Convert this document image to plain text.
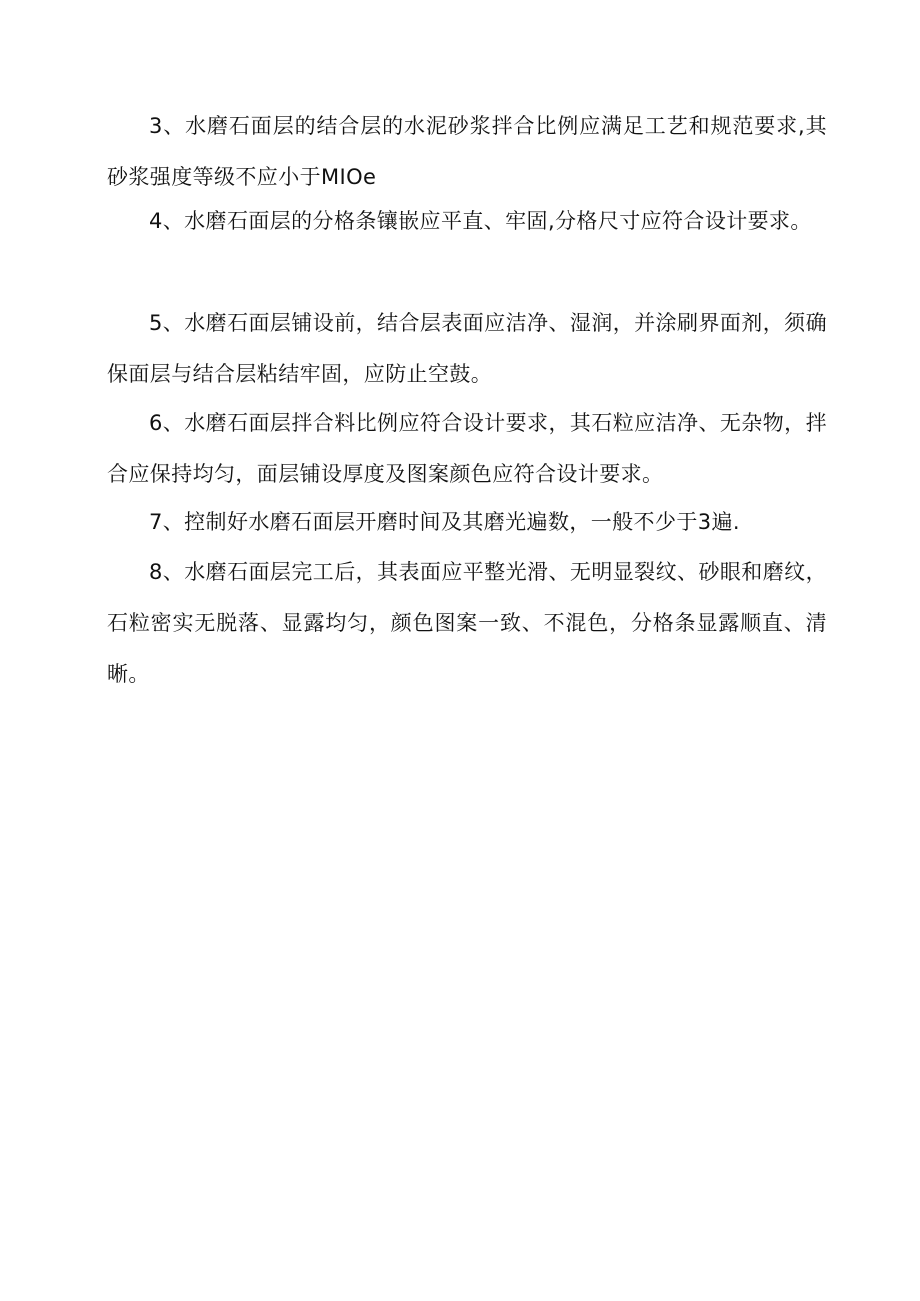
3、水磨石面层的结合层的水泥砂浆拌合比例应满足工艺和规范要求,其砂浆强度等级不应小于MIOe

4、水磨石面层的分格条镶嵌应平直、牢固,分格尺寸应符合设计要求。

5、水磨石面层铺设前，结合层表面应洁净、湿润，并涂刷界面剂，须确保面层与结合层粘结牢固，应防止空鼓。

6、水磨石面层拌合料比例应符合设计要求，其石粒应洁净、无杂物，拌合应保持均匀，面层铺设厚度及图案颜色应符合设计要求。

7、控制好水磨石面层开磨时间及其磨光遍数，一般不少于3遍.

8、水磨石面层完工后，其表面应平整光滑、无明显裂纹、砂眼和磨纹，石粒密实无脱落、显露均匀，颜色图案一致、不混色，分格条显露顺直、清晰。
